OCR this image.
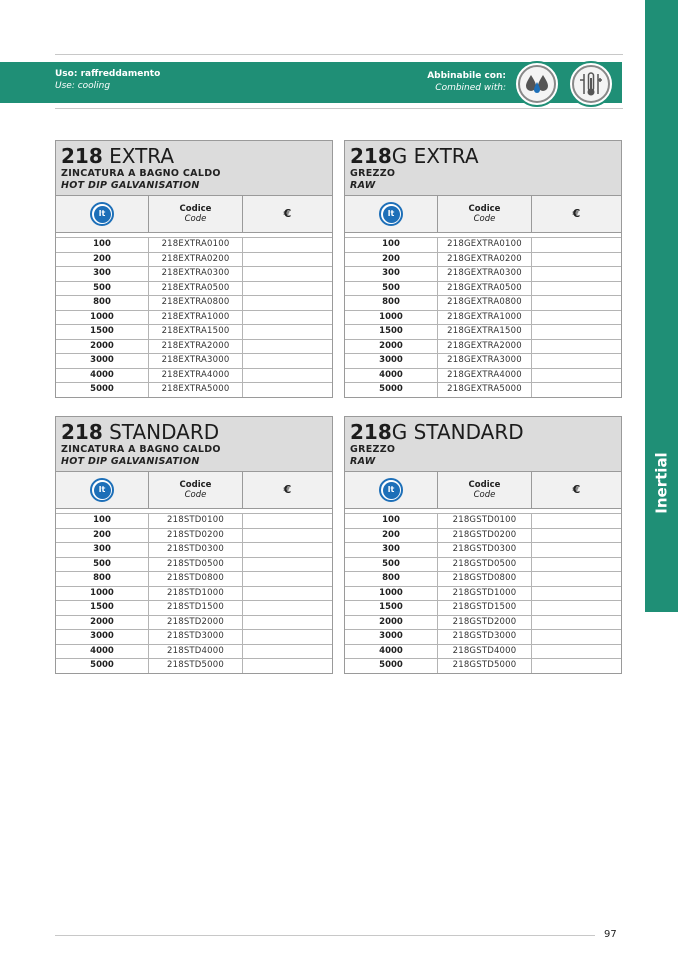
Uso: raffreddamento
Use: cooling
Abbinabile con:
Combined with:
Inertial
218 EXTRA
ZINCATURA A BAGNO CALDO
HOT DIP GALVANISATION
lt	Codice
Code	€
100	218EXTRA0100
200	218EXTRA0200
300	218EXTRA0300
500	218EXTRA0500
800	218EXTRA0800
1000	218EXTRA1000
1500	218EXTRA1500
2000	218EXTRA2000
3000	218EXTRA3000
4000	218EXTRA4000
5000	218EXTRA5000
218G EXTRA
GREZZO
RAW
lt	Codice
Code	€
100	218GEXTRA0100
200	218GEXTRA0200
300	218GEXTRA0300
500	218GEXTRA0500
800	218GEXTRA0800
1000	218GEXTRA1000
1500	218GEXTRA1500
2000	218GEXTRA2000
3000	218GEXTRA3000
4000	218GEXTRA4000
5000	218GEXTRA5000
218 STANDARD
ZINCATURA A BAGNO CALDO
HOT DIP GALVANISATION
lt	Codice
Code	€
100	218STD0100
200	218STD0200
300	218STD0300
500	218STD0500
800	218STD0800
1000	218STD1000
1500	218STD1500
2000	218STD2000
3000	218STD3000
4000	218STD4000
5000	218STD5000
218G STANDARD
GREZZO
RAW
lt	Codice
Code	€
100	218GSTD0100
200	218GSTD0200
300	218GSTD0300
500	218GSTD0500
800	218GSTD0800
1000	218GSTD1000
1500	218GSTD1500
2000	218GSTD2000
3000	218GSTD3000
4000	218GSTD4000
5000	218GSTD5000
97
